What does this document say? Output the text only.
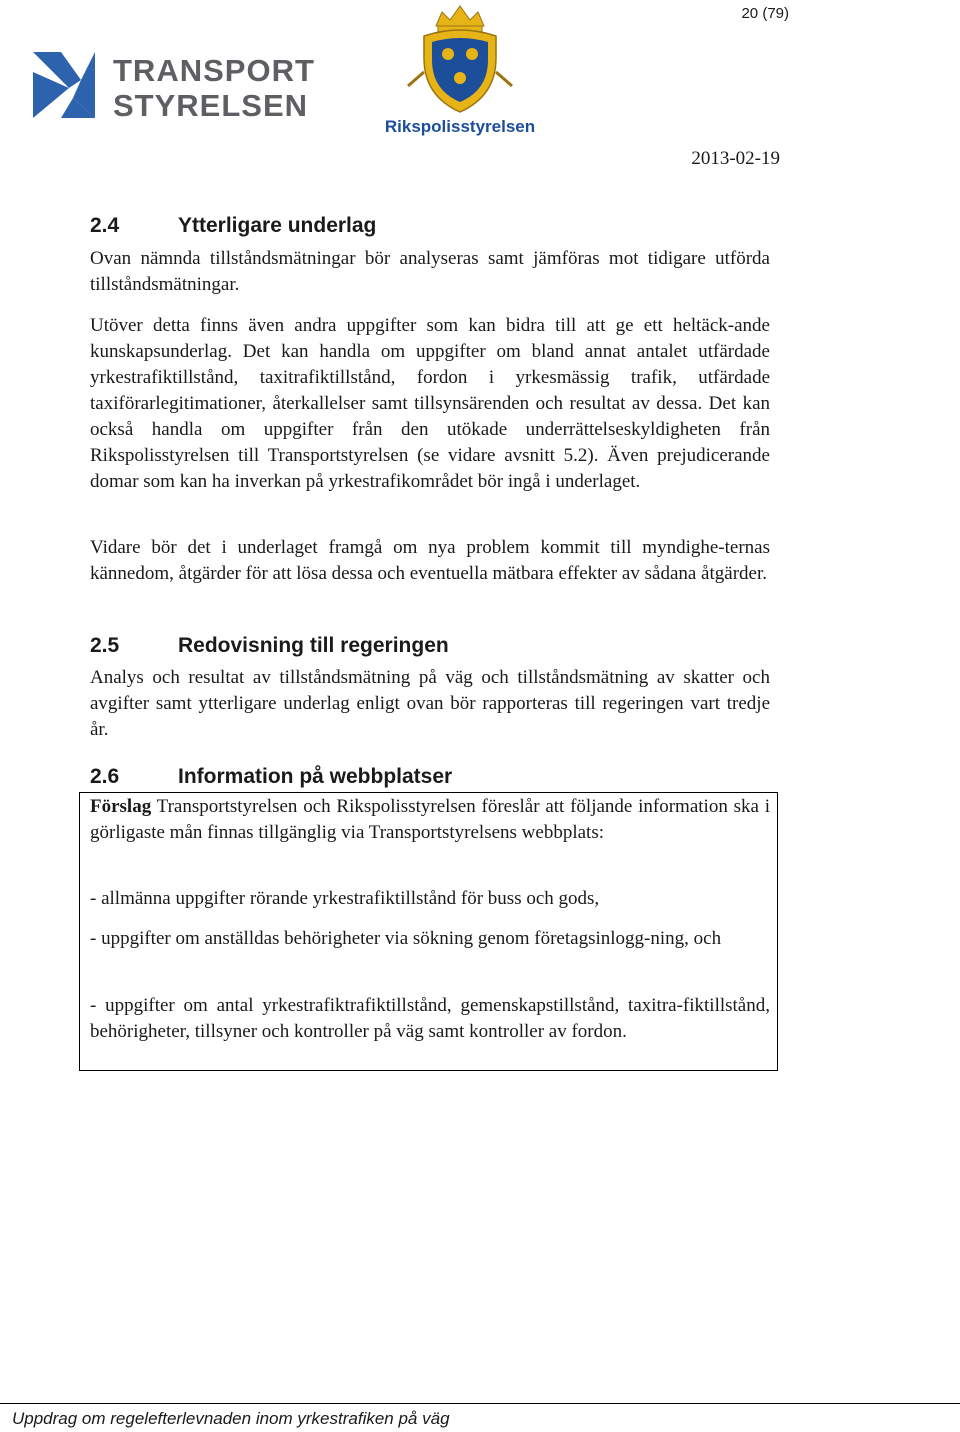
20 (79)
TRANSPORT
STYRELSEN
Rikspolisstyrelsen
2013-02-19
2.4	Ytterligare underlag

Ovan nämnda tillståndsmätningar bör analyseras samt jämföras mot tidigare utförda tillståndsmätningar.

Utöver detta finns även andra uppgifter som kan bidra till att ge ett heltäck-ande kunskapsunderlag. Det kan handla om uppgifter om bland annat antalet utfärdade yrkestrafiktillstånd, taxitrafiktillstånd, fordon i yrkesmässig trafik, utfärdade taxiförarlegitimationer, återkallelser samt tillsynsärenden och resultat av dessa. Det kan också handla om uppgifter från den utökade underrättelseskyldigheten från Rikspolisstyrelsen till Transportstyrelsen (se vidare avsnitt 5.2). Även prejudicerande domar som kan ha inverkan på yrkestrafikområdet bör ingå i underlaget.

Vidare bör det i underlaget framgå om nya problem kommit till myndighe-ternas kännedom, åtgärder för att lösa dessa och eventuella mätbara effekter av sådana åtgärder.

2.5	Redovisning till regeringen

Analys och resultat av tillståndsmätning på väg och tillståndsmätning av skatter och avgifter samt ytterligare underlag enligt ovan bör rapporteras till regeringen vart tredje år.

2.6	Information på webbplatser

Förslag Transportstyrelsen och Rikspolisstyrelsen föreslår att följande information ska i görligaste mån finnas tillgänglig via Transportstyrelsens webbplats:

- allmänna uppgifter rörande yrkestrafiktillstånd för buss och gods,

- uppgifter om anställdas behörigheter via sökning genom företagsinlogg-ning, och

- uppgifter om antal yrkestrafiktrafiktillstånd, gemenskapstillstånd, taxitra-fiktillstånd, behörigheter, tillsyner och kontroller på väg samt kontroller av fordon.

Uppdrag om regelefterlevnaden inom yrkestrafiken på väg
